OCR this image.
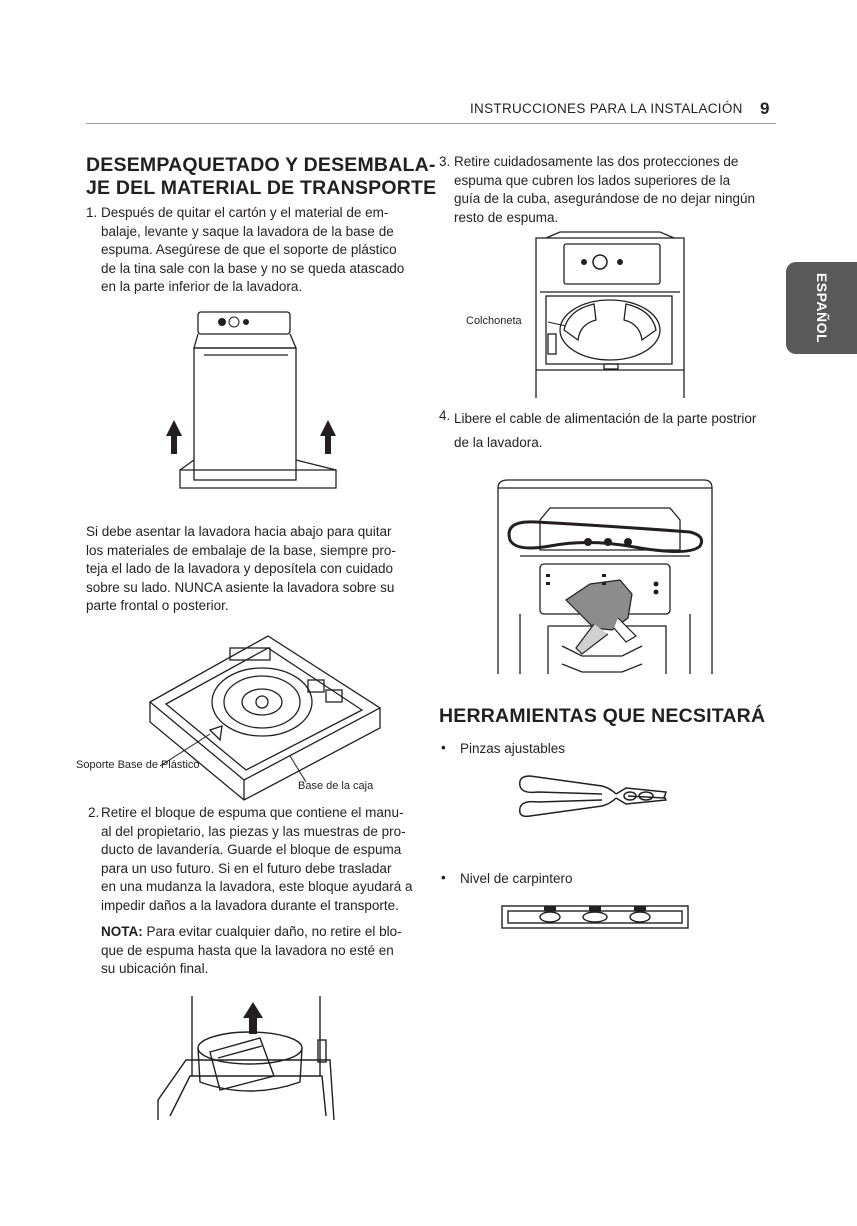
INSTRUCCIONES PARA LA INSTALACIÓN 9
ESPAÑOL
DESEMPAQUETADO Y DESEMBALA-
JE DEL MATERIAL DE TRANSPORTE
1. Después de quitar el cartón y el material de em-
balaje, levante y saque la lavadora de la base de
espuma. Asegúrese de que el soporte de plástico
de la tina sale con la base y no se queda atascado
en la parte inferior de la lavadora.
Si debe asentar la lavadora hacia abajo para quitar
los materiales de embalaje de la base, siempre pro-
teja el lado de la lavadora y deposítela con cuidado
sobre su lado. NUNCA asiente la lavadora sobre su
parte frontal o posterior.
Soporte Base de Plástico
Base de la caja
2. Retire el bloque de espuma que contiene el manu-
al del propietario, las piezas y las muestras de pro-
ducto de lavandería. Guarde el bloque de espuma
para un uso futuro. Si en el futuro debe trasladar
en una mudanza la lavadora, este bloque ayudará a
impedir daños a la lavadora durante el transporte.
NOTA: Para evitar cualquier daño, no retire el blo-
que de espuma hasta que la lavadora no esté en
su ubicación final.
3. Retire cuidadosamente las dos protecciones de
espuma que cubren los lados superiores de la
guía de la cuba, asegurándose de no dejar ningún
resto de espuma.
Colchoneta
4. Libere el cable de alimentación de la parte postrior
de la lavadora.
HERRAMIENTAS QUE NECSITARÁ
• Pinzas ajustables
• Nivel de carpintero
